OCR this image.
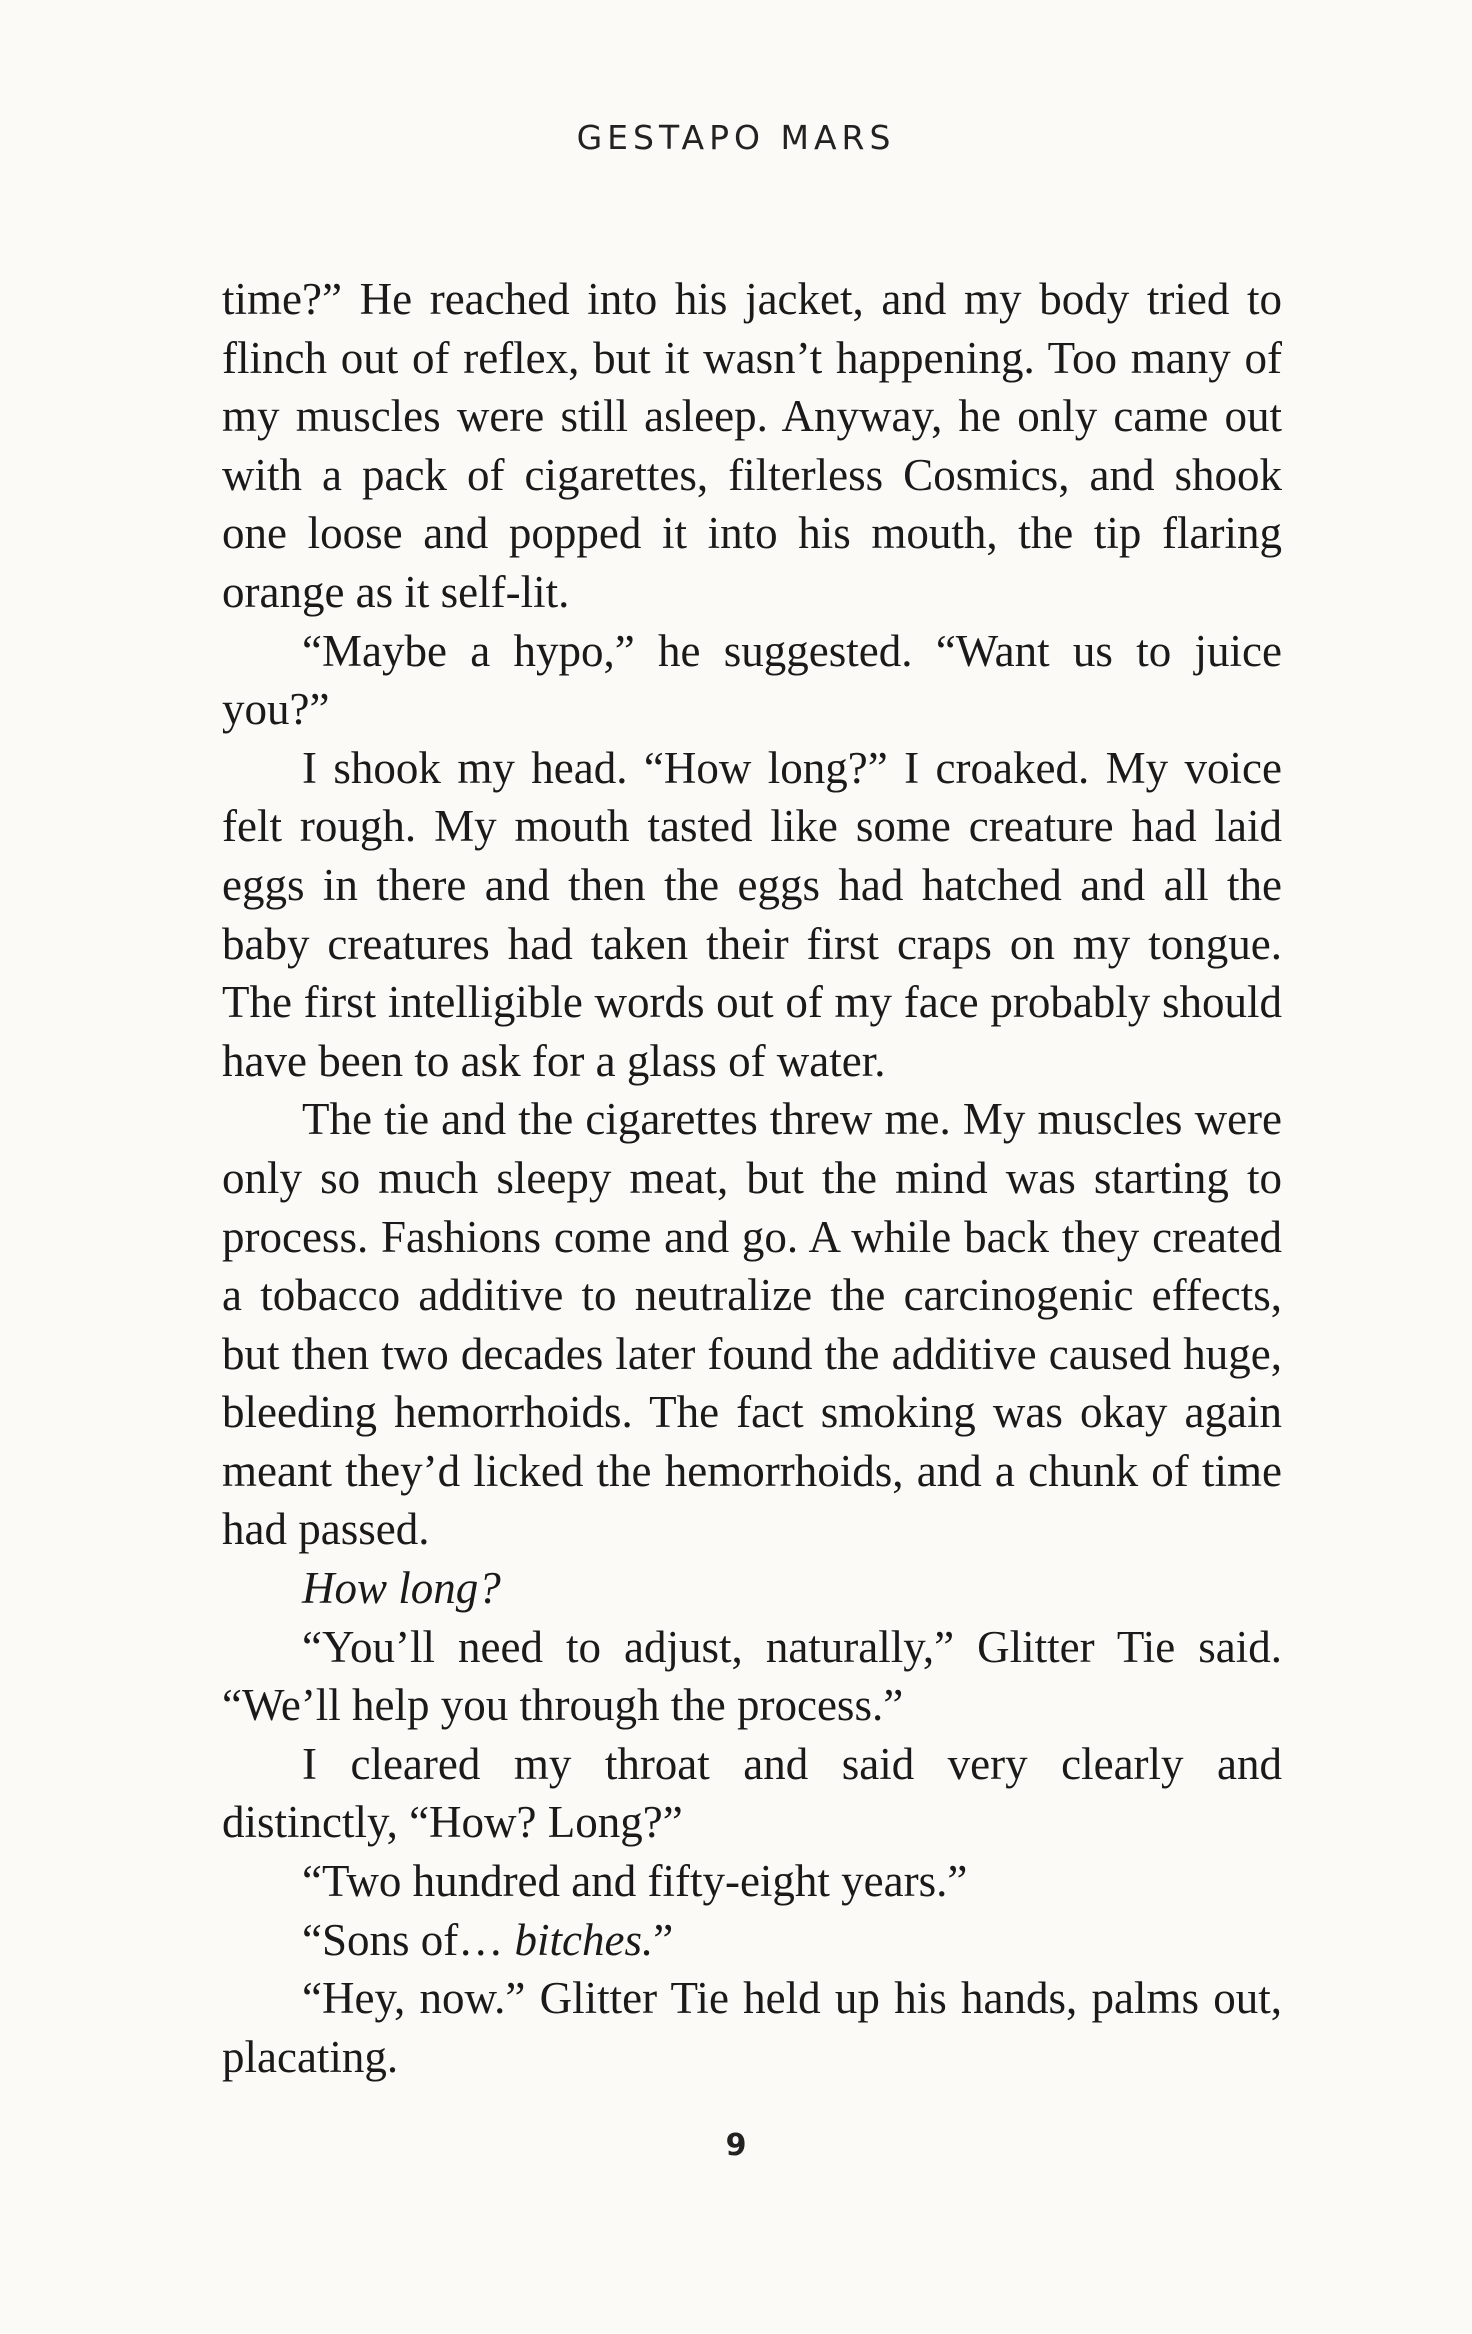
GESTAPO MARS

time?” He reached into his jacket, and my body tried to flinch out of reflex, but it wasn’t happening. Too many of my muscles were still asleep. Anyway, he only came out with a pack of cigarettes, filterless Cosmics, and shook one loose and popped it into his mouth, the tip flaring orange as it self-lit.

“Maybe a hypo,” he suggested. “Want us to juice you?”

I shook my head. “How long?” I croaked. My voice felt rough. My mouth tasted like some creature had laid eggs in there and then the eggs had hatched and all the baby creatures had taken their first craps on my tongue. The first intelligible words out of my face probably should have been to ask for a glass of water.

The tie and the cigarettes threw me. My muscles were only so much sleepy meat, but the mind was starting to process. Fashions come and go. A while back they created a tobacco additive to neutralize the carcinogenic effects, but then two decades later found the additive caused huge, bleeding hemorrhoids. The fact smoking was okay again meant they’d licked the hemorrhoids, and a chunk of time had passed.

How long?

“You’ll need to adjust, naturally,” Glitter Tie said. “We’ll help you through the process.”

I cleared my throat and said very clearly and distinctly, “How? Long?”

“Two hundred and fifty-eight years.”

“Sons of… bitches.”

“Hey, now.” Glitter Tie held up his hands, palms out, placating.

9
